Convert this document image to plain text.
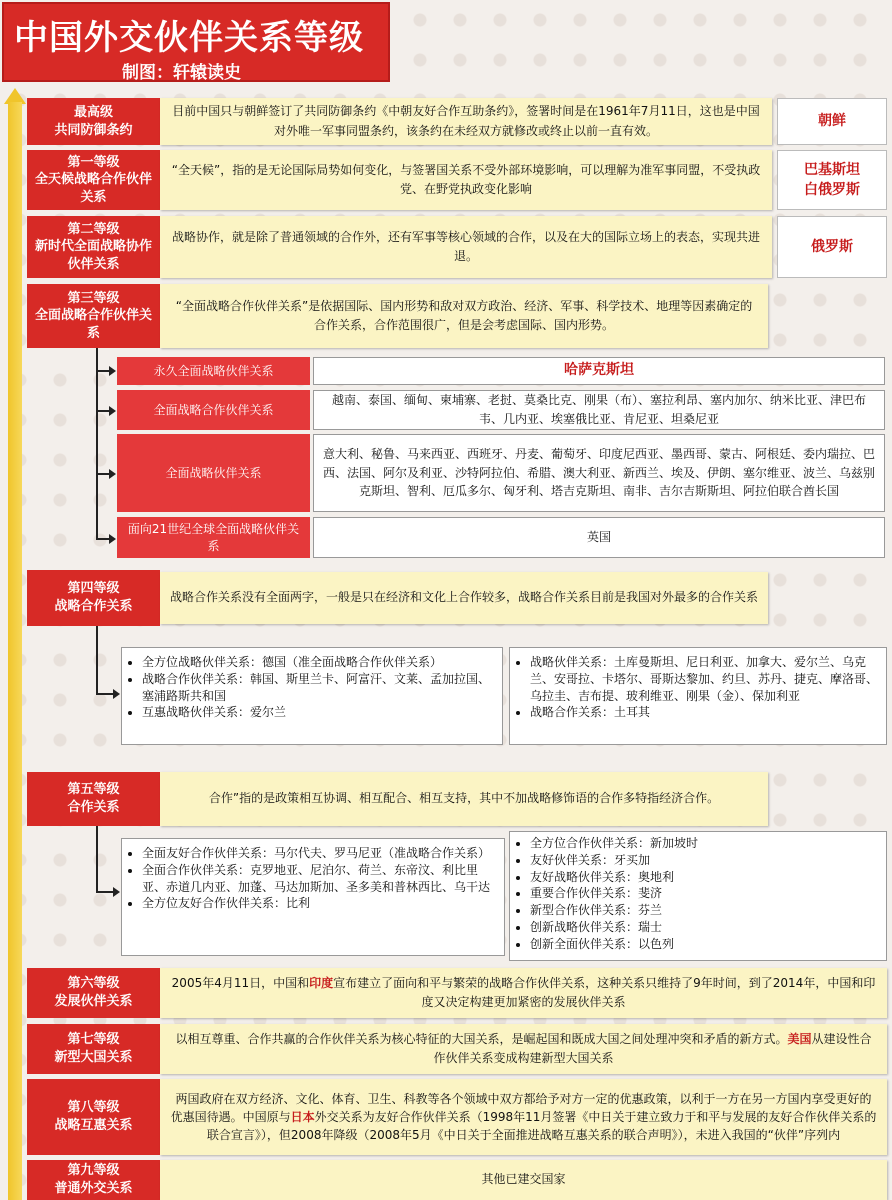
中国外交伙伴关系等级
制图：轩辕读史
最高级
共同防御条约
目前中国只与朝鲜签订了共同防御条约《中朝友好合作互助条约》，签署时间是在1961年7月11日，这也是中国对外唯一军事同盟条约，该条约在未经双方就修改或终止以前一直有效。
朝鲜
第一等级
全天候战略合作伙伴关系
“全天候”，指的是无论国际局势如何变化，与签署国关系不受外部环境影响，可以理解为准军事同盟，不受执政党、在野党执政变化影响
巴基斯坦
白俄罗斯
第二等级
新时代全面战略协作伙伴关系
战略协作，就是除了普通领域的合作外，还有军事等核心领域的合作，以及在大的国际立场上的表态，实现共进退。
俄罗斯
第三等级
全面战略合作伙伴关系
“全面战略合作伙伴关系”是依据国际、国内形势和敌对双方政治、经济、军事、科学技术、地理等因素确定的合作关系，合作范围很广，但是会考虑国际、国内形势。
永久全面战略伙伴关系	哈萨克斯坦
全面战略合作伙伴关系
越南、泰国、缅甸、柬埔寨、老挝、莫桑比克、刚果（布）、塞拉利昂、塞内加尔、纳米比亚、津巴布韦、几内亚、埃塞俄比亚、肯尼亚、坦桑尼亚
全面战略伙伴关系
意大利、秘鲁、马来西亚、西班牙、丹麦、葡萄牙、印度尼西亚、墨西哥、蒙古、阿根廷、委内瑞拉、巴西、法国、阿尔及利亚、沙特阿拉伯、希腊、澳大利亚、新西兰、埃及、伊朗、塞尔维亚、波兰、乌兹别克斯坦、智利、厄瓜多尔、匈牙利、塔吉克斯坦、南非、吉尔吉斯斯坦、阿拉伯联合酋长国
面向21世纪全球全面战略伙伴关系
英国
第四等级
战略合作关系
战略合作关系没有全面两字，一般是只在经济和文化上合作较多，战略合作关系目前是我国对外最多的合作关系
• 全方位战略伙伴关系：德国（准全面战略合作伙伴关系）
• 战略合作伙伴关系：韩国、斯里兰卡、阿富汗、文莱、孟加拉国、塞浦路斯共和国
• 互惠战略伙伴关系：爱尔兰
• 战略伙伴关系：土库曼斯坦、尼日利亚、加拿大、爱尔兰、乌克兰、安哥拉、卡塔尔、哥斯达黎加、约旦、苏丹、捷克、摩洛哥、乌拉圭、吉布提、玻利维亚、刚果（金）、保加利亚
• 战略合作关系：土耳其
第五等级
合作关系
合作”指的是政策相互协调、相互配合、相互支持，其中不加战略修饰语的合作多特指经济合作。
• 全面友好合作伙伴关系：马尔代夫、罗马尼亚（准战略合作关系）
• 全面合作伙伴关系：克罗地亚、尼泊尔、荷兰、东帝汶、利比里亚、赤道几内亚、加蓬、马达加斯加、圣多美和普林西比、乌干达
• 全方位友好合作伙伴关系：比利
• 全方位合作伙伴关系：新加坡时
• 友好伙伴关系：牙买加
• 友好战略伙伴关系：奥地利
• 重要合作伙伴关系：斐济
• 新型合作伙伴关系：芬兰
• 创新战略伙伴关系：瑞士
• 创新全面伙伴关系：以色列
第六等级
发展伙伴关系
2005年4月11日，中国和印度宣布建立了面向和平与繁荣的战略合作伙伴关系，这种关系只维持了9年时间，到了2014年，中国和印度又决定构建更加紧密的发展伙伴关系
第七等级
新型大国关系
以相互尊重、合作共赢的合作伙伴关系为核心特征的大国关系，是崛起国和既成大国之间处理冲突和矛盾的新方式。美国从建设性合作伙伴关系变成构建新型大国关系
第八等级
战略互惠关系
两国政府在双方经济、文化、体育、卫生、科教等各个领域中双方都给予对方一定的优惠政策，以利于一方在另一方国内享受更好的优惠国待遇。中国原与日本外交关系为友好合作伙伴关系（1998年11月签署《中日关于建立致力于和平与发展的友好合作伙伴关系的联合宣言》），但2008年降级（2008年5月《中日关于全面推进战略互惠关系的联合声明》），未进入我国的“伙伴”序列内
第九等级
普通外交关系
其他已建交国家
